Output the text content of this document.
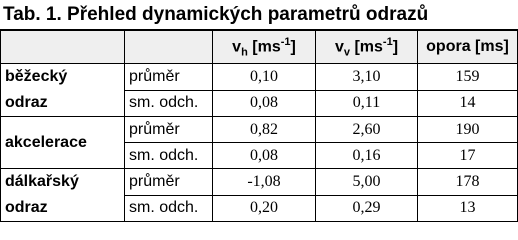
Tab. 1. Přehled dynamických parametrů odrazů
		$v_h$ $[ms^{-1}]$	$v_v$ $[ms^{-1}]$	opora [ms]
běžecký
odraz	průměr	0,10	3,10	159
	sm. odch.	0,08	0,11	14
akcelerace	průměr	0,82	2,60	190
	sm. odch.	0,08	0,16	17
dálkařský
odraz	průměr	-1,08	5,00	178
	sm. odch.	0,20	0,29	13
